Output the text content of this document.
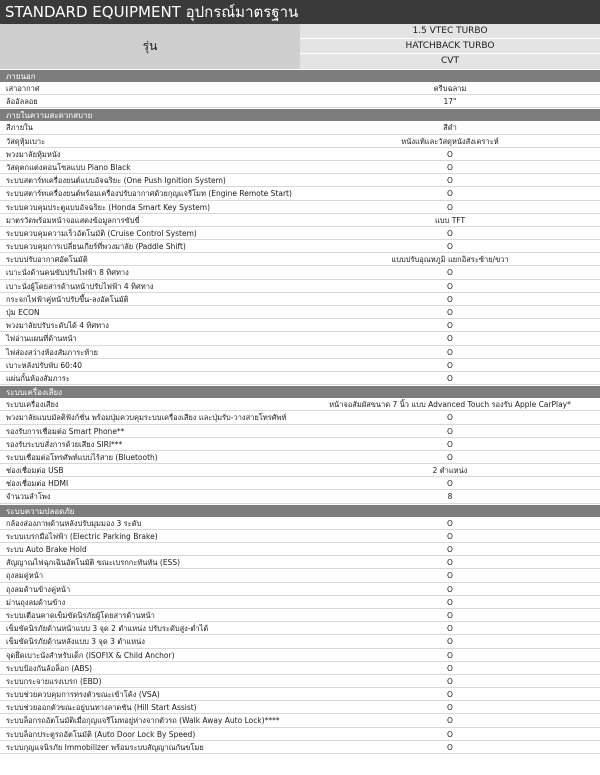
STANDARD EQUIPMENT อุปกรณ์มาตรฐาน
รุ่น
1.5 VTEC TURBO
HATCHBACK TURBO
CVT
ภายนอก
เสาอากาศ	ครีบฉลาม
ล้ออัลลอย	17"
ภายในความสะดวกสบาย
สีภายใน	สีดำ
วัสดุหุ้มเบาะ	หนังแท้และวัสดุหนังสังเคราะห์
พวงมาลัยหุ้มหนัง	O
วัสดุตกแต่งคอนโซลแบบ Piano Black	O
ระบบสตาร์ทเครื่องยนต์แบบอัจฉริยะ (One Push Ignition System)	O
ระบบสตาร์ทเครื่องยนต์พร้อมเครื่องปรับอากาศด้วยกุญแจรีโมท (Engine Remote Start)	O
ระบบควบคุมประตูแบบอัจฉริยะ (Honda Smart Key System)	O
มาตรวัดพร้อมหน้าจอแสดงข้อมูลการขับขี่	แบบ TFT
ระบบควบคุมความเร็วอัตโนมัติ (Cruise Control System)	O
ระบบควบคุมการเปลี่ยนเกียร์ที่พวงมาลัย (Paddle Shift)	O
ระบบปรับอากาศอัตโนมัติ	แบบปรับอุณหภูมิ แยกอิสระซ้าย/ขวา
เบาะนั่งด้านคนขับปรับไฟฟ้า 8 ทิศทาง	O
เบาะนั่งผู้โดยสารด้านหน้าปรับไฟฟ้า 4 ทิศทาง	O
กระจกไฟฟ้าคู่หน้าปรับขึ้น-ลงอัตโนมัติ	O
ปุ่ม ECON	O
พวงมาลัยปรับระดับได้ 4 ทิศทาง	O
ไฟอ่านแผนที่ด้านหน้า	O
ไฟส่องสว่างห้องสัมภาระท้าย	O
เบาะหลังปรับพับ 60:40	O
แผ่นกั้นห้องสัมภาระ	O
ระบบเครื่องเสียง
ระบบเครื่องเสียง	หน้าจอสัมผัสขนาด 7 นิ้ว แบบ Advanced Touch รองรับ Apple CarPlay*
พวงมาลัยแบบมัลติฟังก์ชั่น พร้อมปุ่มควบคุมระบบเครื่องเสียง และปุ่มรับ-วางสายโทรศัพท์	O
รองรับการเชื่อมต่อ Smart Phone**	O
รองรับระบบสั่งการด้วยเสียง SIRI***	O
ระบบเชื่อมต่อโทรศัพท์แบบไร้สาย (Bluetooth)	O
ช่องเชื่อมต่อ USB	2 ตำแหน่ง
ช่องเชื่อมต่อ HDMI	O
จำนวนลำโพง	8
ระบบความปลอดภัย
กล้องส่องภาพด้านหลังปรับมุมมอง 3 ระดับ	O
ระบบเบรกมือไฟฟ้า (Electric Parking Brake)	O
ระบบ Auto Brake Hold	O
สัญญาณไฟฉุกเฉินอัตโนมัติ ขณะเบรกกะทันหัน (ESS)	O
ถุงลมคู่หน้า	O
ถุงลมด้านข้างคู่หน้า	O
ม่านถุงลมด้านข้าง	O
ระบบเตือนคาดเข็มขัดนิรภัยผู้โดยสารด้านหน้า	O
เข็มขัดนิรภัยด้านหน้าแบบ 3 จุด 2 ตำแหน่ง ปรับระดับสูง-ต่ำได้	O
เข็มขัดนิรภัยด้านหลังแบบ 3 จุด 3 ตำแหน่ง	O
จุดยึดเบาะนั่งสำหรับเด็ก (ISOFIX & Child Anchor)	O
ระบบป้องกันล้อล็อก (ABS)	O
ระบบกระจายแรงเบรก (EBD)	O
ระบบช่วยควบคุมการทรงตัวขณะเข้าโค้ง (VSA)	O
ระบบช่วยออกตัวขณะอยู่บนทางลาดชัน (Hill Start Assist)	O
ระบบล็อกรถอัตโนมัติเมื่อกุญแจรีโมทอยู่ห่างจากตัวรถ (Walk Away Auto Lock)****	O
ระบบล็อกประตูรถอัตโนมัติ (Auto Door Lock By Speed)	O
ระบบกุญแจนิรภัย Immobilizer พร้อมระบบสัญญาณกันขโมย	O
